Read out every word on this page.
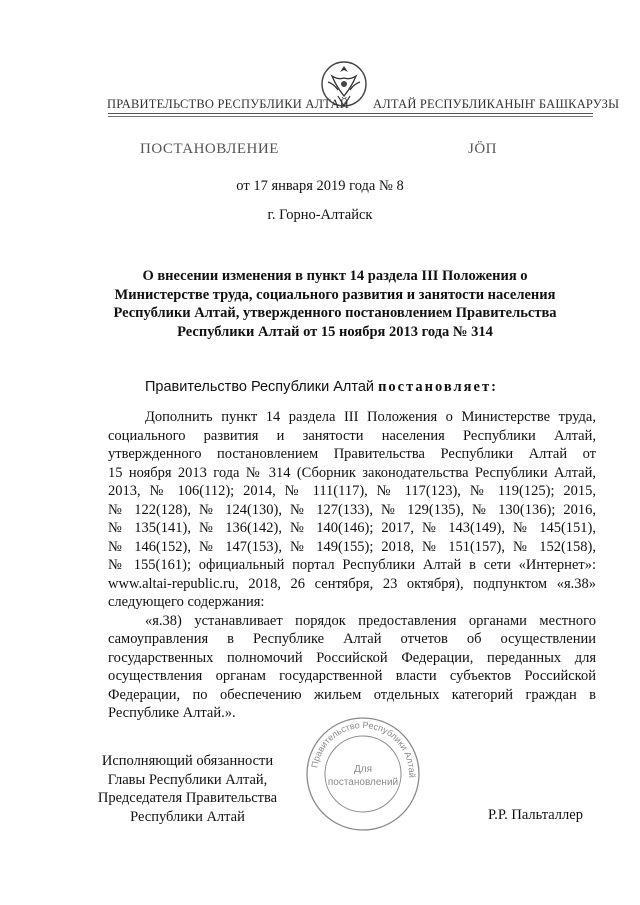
ПРАВИТЕЛЬСТВО РЕСПУБЛИКИ АЛТАЙ АЛТАЙ РЕСПУБЛИКАНЫҤ БАШКАРУЗЫ
ПОСТАНОВЛЕНИЕ	ЈӦП
от 17 января 2019 года № 8
г. Горно-Алтайск
О внесении изменения в пункт 14 раздела III Положения о
Министерстве труда, социального развития и занятости населения
Республики Алтай, утвержденного постановлением Правительства
Республики Алтай от 15 ноября 2013 года № 314
Правительство Республики Алтай постановляет:
Дополнить пункт 14 раздела III Положения о Министерстве труда,
социального развития и занятости населения Республики Алтай,
утвержденного постановлением Правительства Республики Алтай от
15 ноября 2013 года № 314 (Сборник законодательства Республики Алтай,
2013, № 106(112); 2014, № 111(117), № 117(123), № 119(125); 2015,
№ 122(128), № 124(130), № 127(133), № 129(135), № 130(136); 2016,
№ 135(141), № 136(142), № 140(146); 2017, № 143(149), № 145(151),
№ 146(152), № 147(153), № 149(155); 2018, № 151(157), № 152(158),
№ 155(161); официальный портал Республики Алтай в сети «Интернет»:
www.altai-republic.ru, 2018, 26 сентября, 23 октября), подпунктом «я.38»
следующего содержания:
«я.38) устанавливает порядок предоставления органами местного
самоуправления в Республике Алтай отчетов об осуществлении
государственных полномочий Российской Федерации, переданных для
осуществления органам государственной власти субъектов Российской
Федерации, по обеспечению жильем отдельных категорий граждан в
Республике Алтай.».
Исполняющий обязанности
Главы Республики Алтай,
Председателя Правительства
Республики Алтай
Правительство Республики Алтай
Для
постановлений
Р.Р. Пальталлер
